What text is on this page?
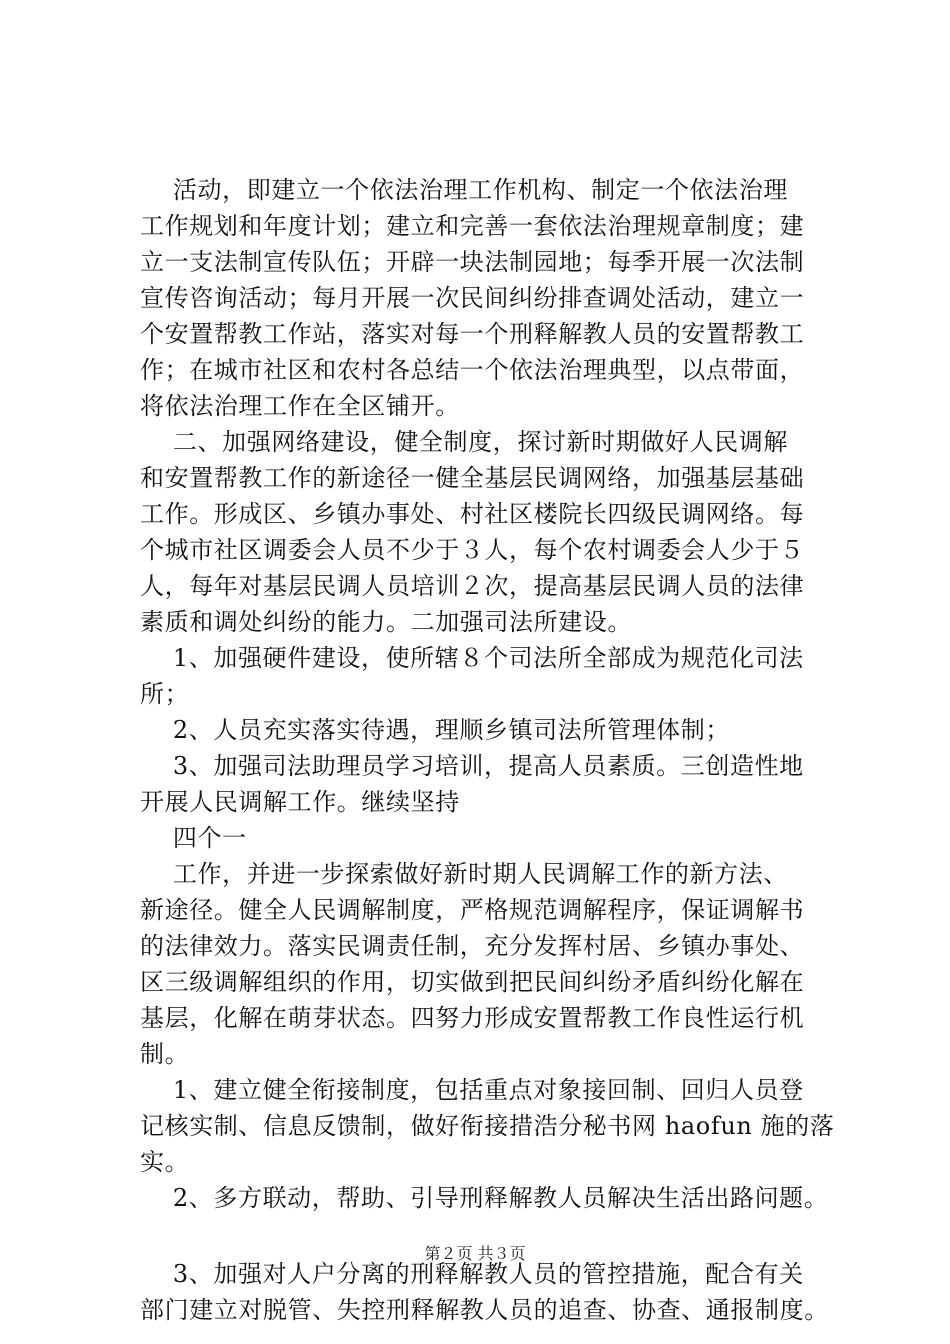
活动，即建立一个依法治理工作机构、制定一个依法治理
工作规划和年度计划；建立和完善一套依法治理规章制度；建
立一支法制宣传队伍；开辟一块法制园地；每季开展一次法制
宣传咨询活动；每月开展一次民间纠纷排查调处活动，建立一
个安置帮教工作站，落实对每一个刑释解教人员的安置帮教工
作；在城市社区和农村各总结一个依法治理典型，以点带面，
将依法治理工作在全区铺开。
二、加强网络建设，健全制度，探讨新时期做好人民调解
和安置帮教工作的新途径一健全基层民调网络，加强基层基础
工作。形成区、乡镇办事处、村社区楼院长四级民调网络。每
个城市社区调委会人员不少于３人，每个农村调委会人少于５
人，每年对基层民调人员培训２次，提高基层民调人员的法律
素质和调处纠纷的能力。二加强司法所建设。
1、加强硬件建设，使所辖８个司法所全部成为规范化司法
所；
2、人员充实落实待遇，理顺乡镇司法所管理体制；
3、加强司法助理员学习培训，提高人员素质。三创造性地
开展人民调解工作。继续坚持
四个一
工作，并进一步探索做好新时期人民调解工作的新方法、
新途径。健全人民调解制度，严格规范调解程序，保证调解书
的法律效力。落实民调责任制，充分发挥村居、乡镇办事处、
区三级调解组织的作用，切实做到把民间纠纷矛盾纠纷化解在
基层，化解在萌芽状态。四努力形成安置帮教工作良性运行机
制。
1、建立健全衔接制度，包括重点对象接回制、回归人员登
记核实制、信息反馈制，做好衔接措浩分秘书网 haofun 施的落
实。
2、多方联动，帮助、引导刑释解教人员解决生活出路问题。
3、加强对人户分离的刑释解教人员的管控措施，配合有关
部门建立对脱管、失控刑释解教人员的追查、协查、通报制度。
第２页 共３页
